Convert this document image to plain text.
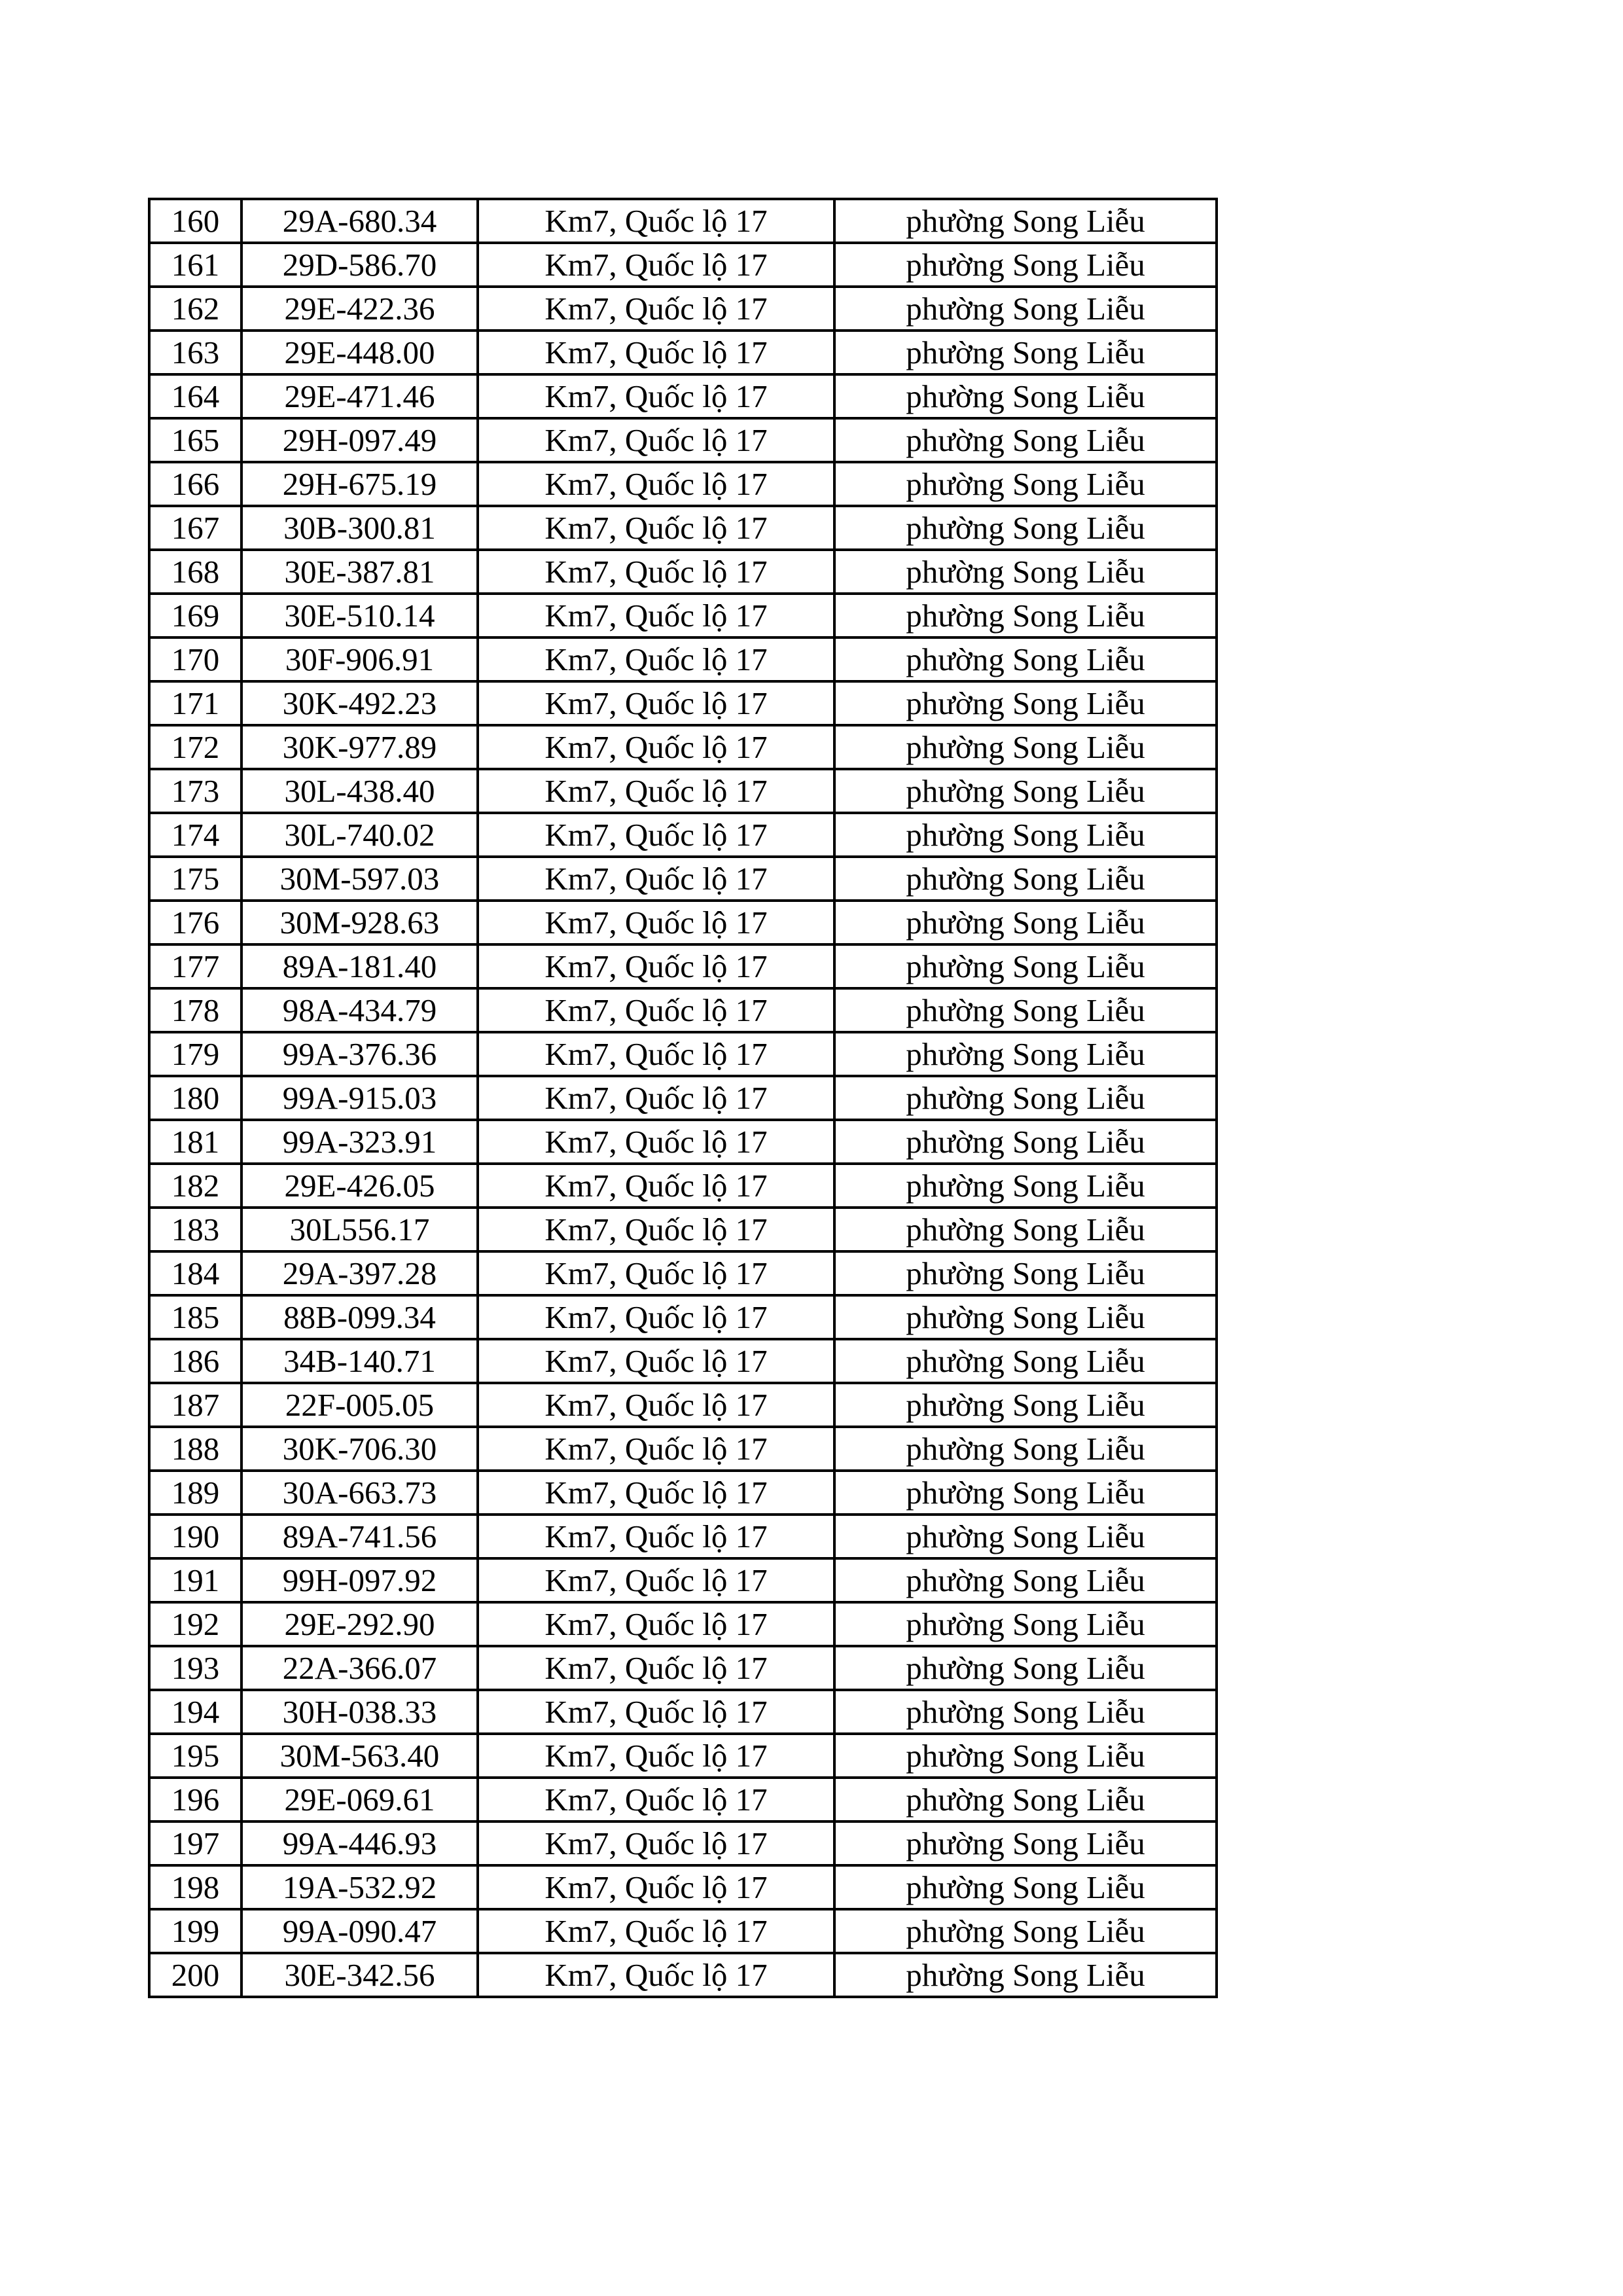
160	29A-680.34	Km7, Quốc lộ 17	phường Song Liễu
161	29D-586.70	Km7, Quốc lộ 17	phường Song Liễu
162	29E-422.36	Km7, Quốc lộ 17	phường Song Liễu
163	29E-448.00	Km7, Quốc lộ 17	phường Song Liễu
164	29E-471.46	Km7, Quốc lộ 17	phường Song Liễu
165	29H-097.49	Km7, Quốc lộ 17	phường Song Liễu
166	29H-675.19	Km7, Quốc lộ 17	phường Song Liễu
167	30B-300.81	Km7, Quốc lộ 17	phường Song Liễu
168	30E-387.81	Km7, Quốc lộ 17	phường Song Liễu
169	30E-510.14	Km7, Quốc lộ 17	phường Song Liễu
170	30F-906.91	Km7, Quốc lộ 17	phường Song Liễu
171	30K-492.23	Km7, Quốc lộ 17	phường Song Liễu
172	30K-977.89	Km7, Quốc lộ 17	phường Song Liễu
173	30L-438.40	Km7, Quốc lộ 17	phường Song Liễu
174	30L-740.02	Km7, Quốc lộ 17	phường Song Liễu
175	30M-597.03	Km7, Quốc lộ 17	phường Song Liễu
176	30M-928.63	Km7, Quốc lộ 17	phường Song Liễu
177	89A-181.40	Km7, Quốc lộ 17	phường Song Liễu
178	98A-434.79	Km7, Quốc lộ 17	phường Song Liễu
179	99A-376.36	Km7, Quốc lộ 17	phường Song Liễu
180	99A-915.03	Km7, Quốc lộ 17	phường Song Liễu
181	99A-323.91	Km7, Quốc lộ 17	phường Song Liễu
182	29E-426.05	Km7, Quốc lộ 17	phường Song Liễu
183	30L556.17	Km7, Quốc lộ 17	phường Song Liễu
184	29A-397.28	Km7, Quốc lộ 17	phường Song Liễu
185	88B-099.34	Km7, Quốc lộ 17	phường Song Liễu
186	34B-140.71	Km7, Quốc lộ 17	phường Song Liễu
187	22F-005.05	Km7, Quốc lộ 17	phường Song Liễu
188	30K-706.30	Km7, Quốc lộ 17	phường Song Liễu
189	30A-663.73	Km7, Quốc lộ 17	phường Song Liễu
190	89A-741.56	Km7, Quốc lộ 17	phường Song Liễu
191	99H-097.92	Km7, Quốc lộ 17	phường Song Liễu
192	29E-292.90	Km7, Quốc lộ 17	phường Song Liễu
193	22A-366.07	Km7, Quốc lộ 17	phường Song Liễu
194	30H-038.33	Km7, Quốc lộ 17	phường Song Liễu
195	30M-563.40	Km7, Quốc lộ 17	phường Song Liễu
196	29E-069.61	Km7, Quốc lộ 17	phường Song Liễu
197	99A-446.93	Km7, Quốc lộ 17	phường Song Liễu
198	19A-532.92	Km7, Quốc lộ 17	phường Song Liễu
199	99A-090.47	Km7, Quốc lộ 17	phường Song Liễu
200	30E-342.56	Km7, Quốc lộ 17	phường Song Liễu
